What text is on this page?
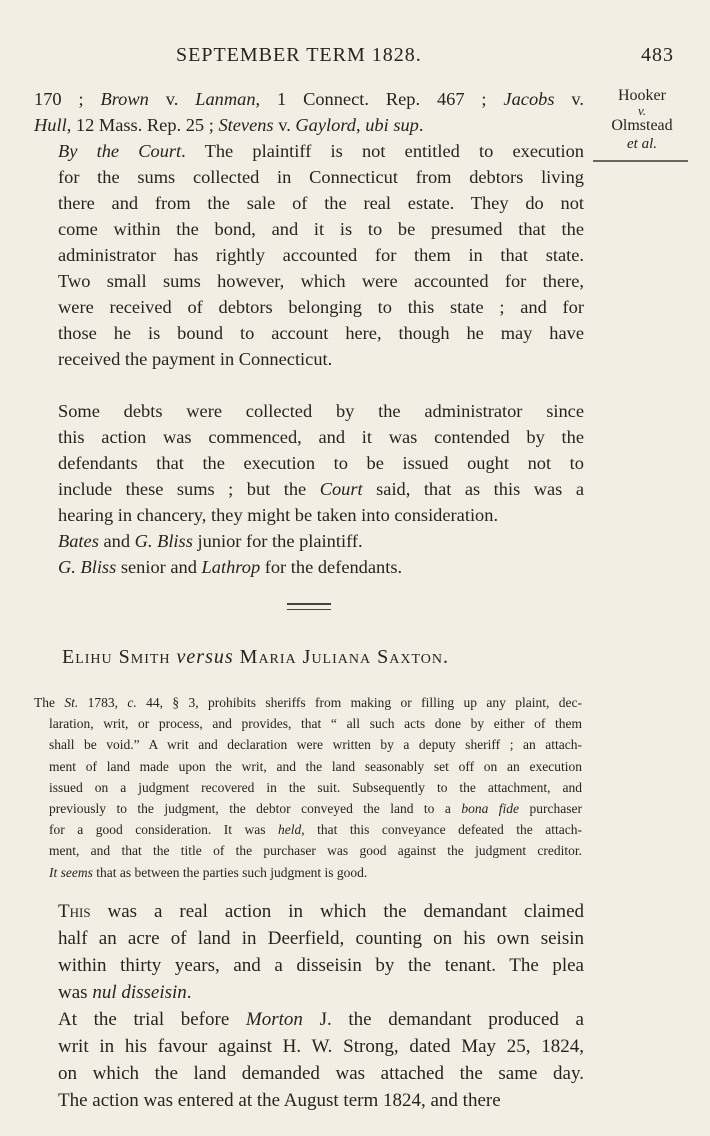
SEPTEMBER TERM 1828.	483
Hooker
v.
Olmstead
et al.
170 ; Brown v. Lanman, 1 Connect. Rep. 467 ; Jacobs v.
Hull, 12 Mass. Rep. 25 ; Stevens v. Gaylord, ubi sup.
By the Court. The plaintiff is not entitled to execution
for the sums collected in Connecticut from debtors living
there and from the sale of the real estate. They do not
come within the bond, and it is to be presumed that the
administrator has rightly accounted for them in that state.
Two small sums however, which were accounted for there,
were received of debtors belonging to this state ; and for
those he is bound to account here, though he may have
received the payment in Connecticut.
Some debts were collected by the administrator since
this action was commenced, and it was contended by the
defendants that the execution to be issued ought not to
include these sums ; but the Court said, that as this was a
hearing in chancery, they might be taken into consideration.
Bates and G. Bliss junior for the plaintiff.
G. Bliss senior and Lathrop for the defendants.
Elihu Smith versus Maria Juliana Saxton.
The St. 1783, c. 44, § 3, prohibits sheriffs from making or filling up any plaint, dec-
laration, writ, or process, and provides, that “ all such acts done by either of them
shall be void.” A writ and declaration were written by a deputy sheriff ; an attach-
ment of land made upon the writ, and the land seasonably set off on an execution
issued on a judgment recovered in the suit. Subsequently to the attachment, and
previously to the judgment, the debtor conveyed the land to a bona fide purchaser
for a good consideration. It was held, that this conveyance defeated the attach-
ment, and that the title of the purchaser was good against the judgment creditor.
It seems that as between the parties such judgment is good.
This was a real action in which the demandant claimed
half an acre of land in Deerfield, counting on his own seisin
within thirty years, and a disseisin by the tenant. The plea
was nul disseisin.
At the trial before Morton J. the demandant produced a
writ in his favour against H. W. Strong, dated May 25, 1824,
on which the land demanded was attached the same day.
The action was entered at the August term 1824, and there
